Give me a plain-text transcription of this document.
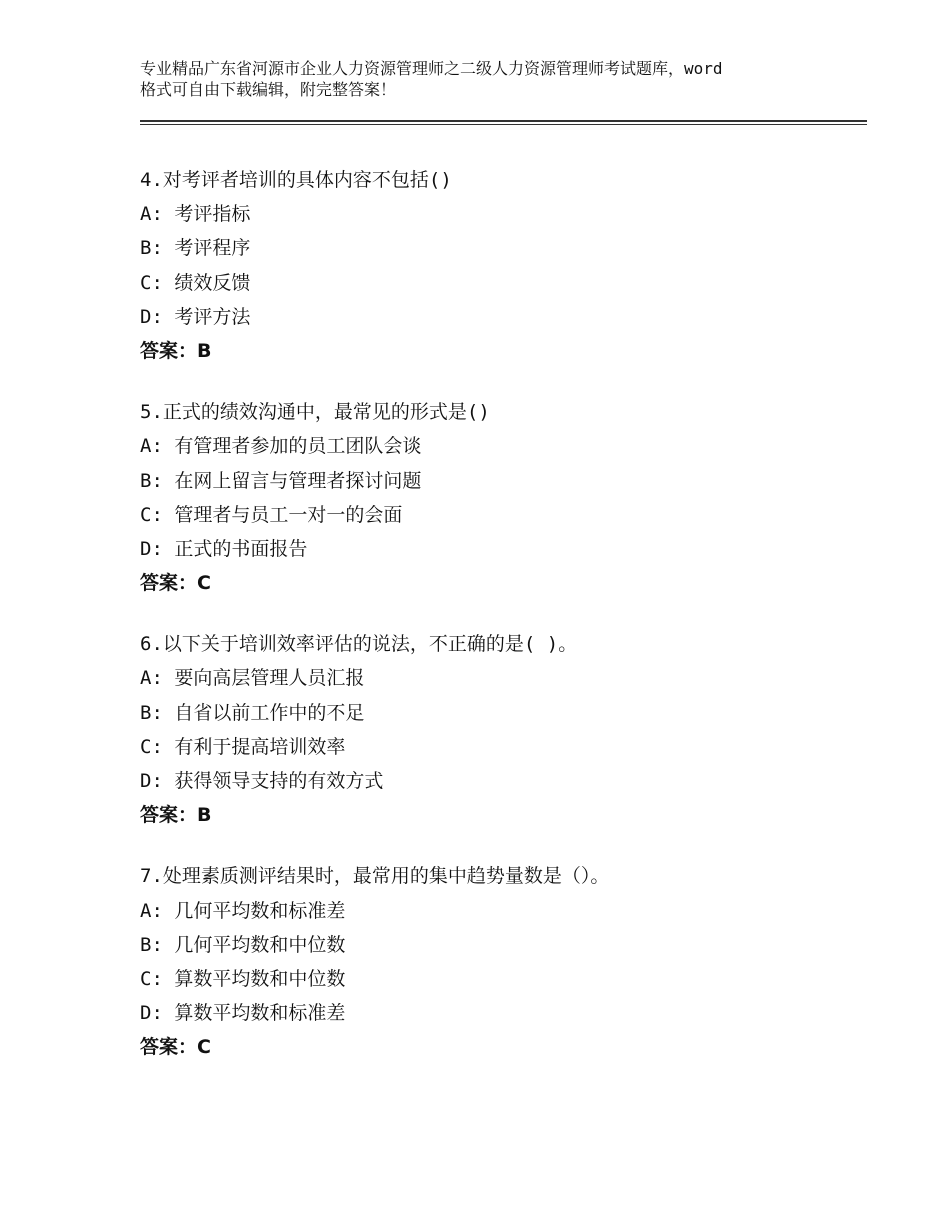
专业精品广东省河源市企业人力资源管理师之二级人力资源管理师考试题库，word
格式可自由下载编辑，附完整答案！
4.对考评者培训的具体内容不包括()
A: 考评指标
B: 考评程序
C: 绩效反馈
D: 考评方法
答案：B
5.正式的绩效沟通中，最常见的形式是()
A: 有管理者参加的员工团队会谈
B: 在网上留言与管理者探讨问题
C: 管理者与员工一对一的会面
D: 正式的书面报告
答案：C
6.以下关于培训效率评估的说法，不正确的是( )。
A: 要向高层管理人员汇报
B: 自省以前工作中的不足
C: 有利于提高培训效率
D: 获得领导支持的有效方式
答案：B
7.处理素质测评结果时，最常用的集中趋势量数是（）。
A: 几何平均数和标准差
B: 几何平均数和中位数
C: 算数平均数和中位数
D: 算数平均数和标准差
答案：C
